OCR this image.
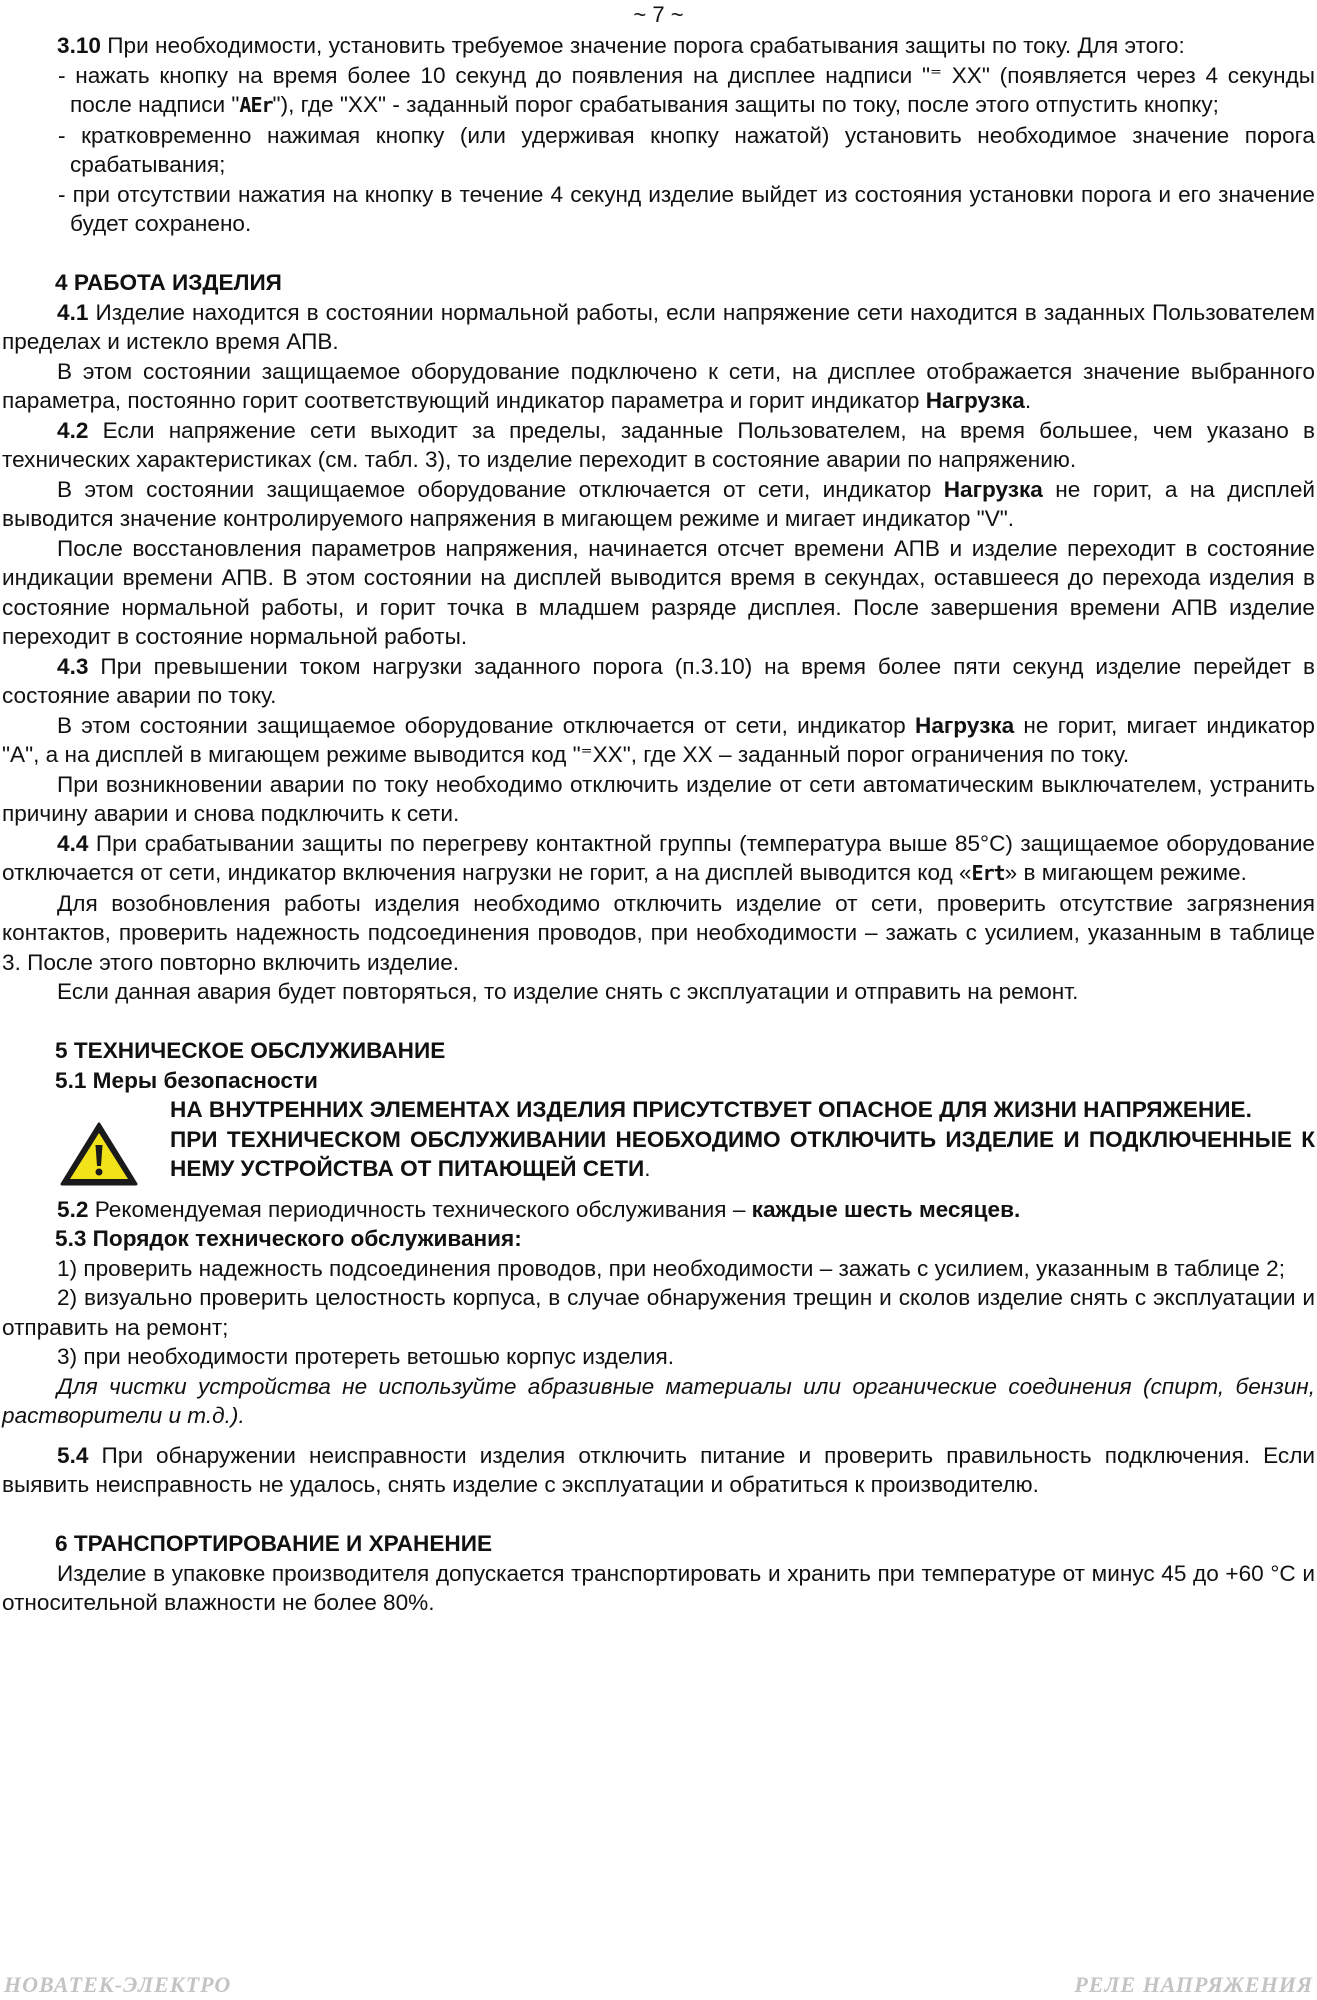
~ 7 ~

3.10 При необходимости, установить требуемое значение порога срабатывания защиты по току. Для этого:

- нажать кнопку на время более 10 секунд до появления на дисплее надписи "⁼ ХХ" (появляется через 4 секунды после надписи "AEr"), где "ХХ" - заданный порог срабатывания защиты по току, после этого отпустить кнопку;

- кратковременно нажимая кнопку (или удерживая кнопку нажатой) установить необходимое значение порога срабатывания;

- при отсутствии нажатия на кнопку в течение 4 секунд изделие выйдет из состояния установки порога и его значение будет сохранено.

4 РАБОТА ИЗДЕЛИЯ

4.1 Изделие находится в состоянии нормальной работы, если напряжение сети находится в заданных Пользователем пределах и истекло время АПВ.

В этом состоянии защищаемое оборудование подключено к сети, на дисплее отображается значение выбранного параметра, постоянно горит соответствующий индикатор параметра и горит индикатор Нагрузка.

4.2 Если напряжение сети выходит за пределы, заданные Пользователем, на время большее, чем указано в технических характеристиках (см. табл. 3), то изделие переходит в состояние аварии по напряжению.

В этом состоянии защищаемое оборудование отключается от сети, индикатор Нагрузка не горит, а на дисплей выводится значение контролируемого напряжения в мигающем режиме и мигает индикатор "V".

После восстановления параметров напряжения, начинается отсчет времени АПВ и изделие переходит в состояние индикации времени АПВ. В этом состоянии на дисплей выводится время в секундах, оставшееся до перехода изделия в состояние нормальной работы, и горит точка в младшем разряде дисплея. После завершения времени АПВ изделие переходит в состояние нормальной работы.

4.3 При превышении током нагрузки заданного порога (п.3.10) на время более пяти секунд изделие перейдет в состояние аварии по току.

В этом состоянии защищаемое оборудование отключается от сети, индикатор Нагрузка не горит, мигает индикатор "А", а на дисплей в мигающем режиме выводится код "⁼ХХ", где ХХ – заданный порог ограничения по току.

При возникновении аварии по току необходимо отключить изделие от сети автоматическим выключателем, устранить причину аварии и снова подключить к сети.

4.4 При срабатывании защиты по перегреву контактной группы (температура выше 85°С) защищаемое оборудование отключается от сети, индикатор включения нагрузки не горит, а на дисплей выводится код «Ert» в мигающем режиме.

Для возобновления работы изделия необходимо отключить изделие от сети, проверить отсутствие загрязнения контактов, проверить надежность подсоединения проводов, при необходимости – зажать с усилием, указанным в таблице 3. После этого повторно включить изделие.

Если данная авария будет повторяться, то изделие снять с эксплуатации и отправить на ремонт.

5 ТЕХНИЧЕСКОЕ ОБСЛУЖИВАНИЕ

5.1 Меры безопасности

НА ВНУТРЕННИХ ЭЛЕМЕНТАХ ИЗДЕЛИЯ ПРИСУТСТВУЕТ ОПАСНОЕ ДЛЯ ЖИЗНИ НАПРЯЖЕНИЕ.

ПРИ ТЕХНИЧЕСКОМ ОБСЛУЖИВАНИИ НЕОБХОДИМО ОТКЛЮЧИТЬ ИЗДЕЛИЕ И ПОДКЛЮЧЕННЫЕ К НЕМУ УСТРОЙСТВА ОТ ПИТАЮЩЕЙ СЕТИ.

5.2 Рекомендуемая периодичность технического обслуживания – каждые шесть месяцев.

5.3 Порядок технического обслуживания:

1) проверить надежность подсоединения проводов, при необходимости – зажать с усилием, указанным в таблице 2;

2) визуально проверить целостность корпуса, в случае обнаружения трещин и сколов изделие снять с эксплуатации и отправить на ремонт;

3) при необходимости протереть ветошью корпус изделия.

Для чистки устройства не используйте абразивные материалы или органические соединения (спирт, бензин, растворители и т.д.).

5.4 При обнаружении неисправности изделия отключить питание и проверить правильность подключения. Если выявить неисправность не удалось, снять изделие с эксплуатации и обратиться к производителю.

6 ТРАНСПОРТИРОВАНИЕ И ХРАНЕНИЕ

Изделие в упаковке производителя допускается транспортировать и хранить при температуре от минус 45 до +60 °С и относительной влажности не более 80%.

НОВАТЕК-ЭЛЕКТРО	РЕЛЕ НАПРЯЖЕНИЯ
